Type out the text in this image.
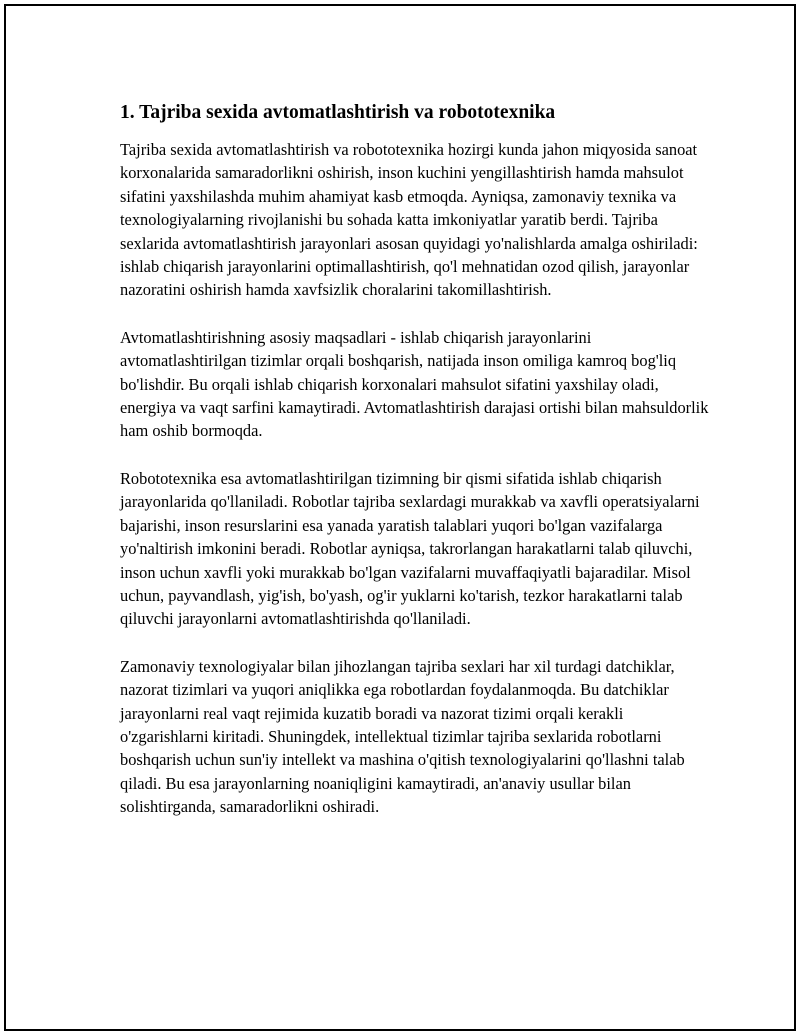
1. Tajriba sexida avtomatlashtirish va robototexnika

Tajriba sexida avtomatlashtirish va robototexnika hozirgi kunda jahon miqyosida sanoat korxonalarida samaradorlikni oshirish, inson kuchini yengillashtirish hamda mahsulot sifatini yaxshilashda muhim ahamiyat kasb etmoqda. Ayniqsa, zamonaviy texnika va texnologiyalarning rivojlanishi bu sohada katta imkoniyatlar yaratib berdi. Tajriba sexlarida avtomatlashtirish jarayonlari asosan quyidagi yo'nalishlarda amalga oshiriladi: ishlab chiqarish jarayonlarini optimallashtirish, qo'l mehnatidan ozod qilish, jarayonlar nazoratini oshirish hamda xavfsizlik choralarini takomillashtirish.

Avtomatlashtirishning asosiy maqsadlari - ishlab chiqarish jarayonlarini avtomatlashtirilgan tizimlar orqali boshqarish, natijada inson omiliga kamroq bog'liq bo'lishdir. Bu orqali ishlab chiqarish korxonalari mahsulot sifatini yaxshilay oladi, energiya va vaqt sarfini kamaytiradi. Avtomatlashtirish darajasi ortishi bilan mahsuldorlik ham oshib bormoqda.

Robototexnika esa avtomatlashtirilgan tizimning bir qismi sifatida ishlab chiqarish jarayonlarida qo'llaniladi. Robotlar tajriba sexlardagi murakkab va xavfli operatsiyalarni bajarishi, inson resurslarini esa yanada yaratish talablari yuqori bo'lgan vazifalarga yo'naltirish imkonini beradi. Robotlar ayniqsa, takrorlangan harakatlarni talab qiluvchi, inson uchun xavfli yoki murakkab bo'lgan vazifalarni muvaffaqiyatli bajaradilar. Misol uchun, payvandlash, yig'ish, bo'yash, og'ir yuklarni ko'tarish, tezkor harakatlarni talab qiluvchi jarayonlarni avtomatlashtirishda qo'llaniladi.

Zamonaviy texnologiyalar bilan jihozlangan tajriba sexlari har xil turdagi datchiklar, nazorat tizimlari va yuqori aniqlikka ega robotlardan foydalanmoqda. Bu datchiklar jarayonlarni real vaqt rejimida kuzatib boradi va nazorat tizimi orqali kerakli o'zgarishlarni kiritadi. Shuningdek, intellektual tizimlar tajriba sexlarida robotlarni boshqarish uchun sun'iy intellekt va mashina o'qitish texnologiyalarini qo'llashni talab qiladi. Bu esa jarayonlarning noaniqligini kamaytiradi, an'anaviy usullar bilan solishtirganda, samaradorlikni oshiradi.
